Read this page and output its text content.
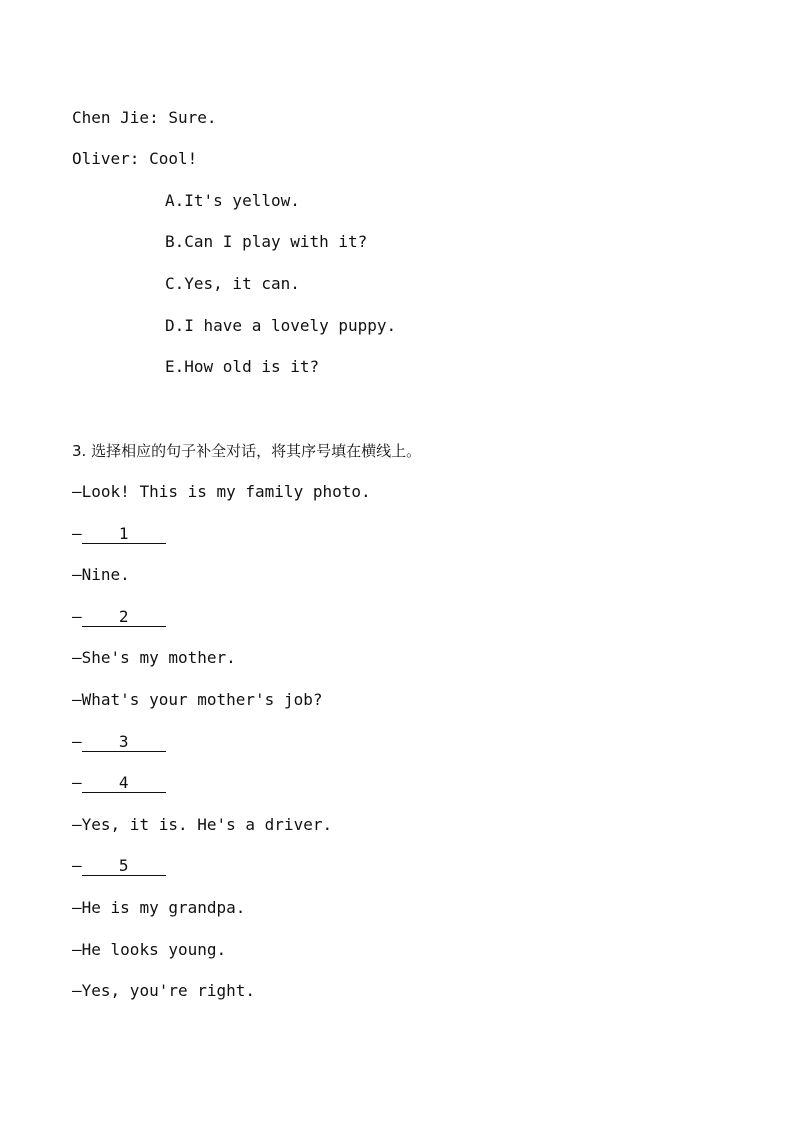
Chen Jie: Sure.
Oliver: Cool!
A.It's yellow.
B.Can I play with it?
C.Yes, it can.
D.I have a lovely puppy.
E.How old is it?
3. 选择相应的句子补全对话，将其序号填在横线上。
—Look! This is my family photo.
— 1
—Nine.
— 2
—She's my mother.
—What's your mother's job?
— 3
— 4
—Yes, it is. He's a driver.
— 5
—He is my grandpa.
—He looks young.
—Yes, you're right.
